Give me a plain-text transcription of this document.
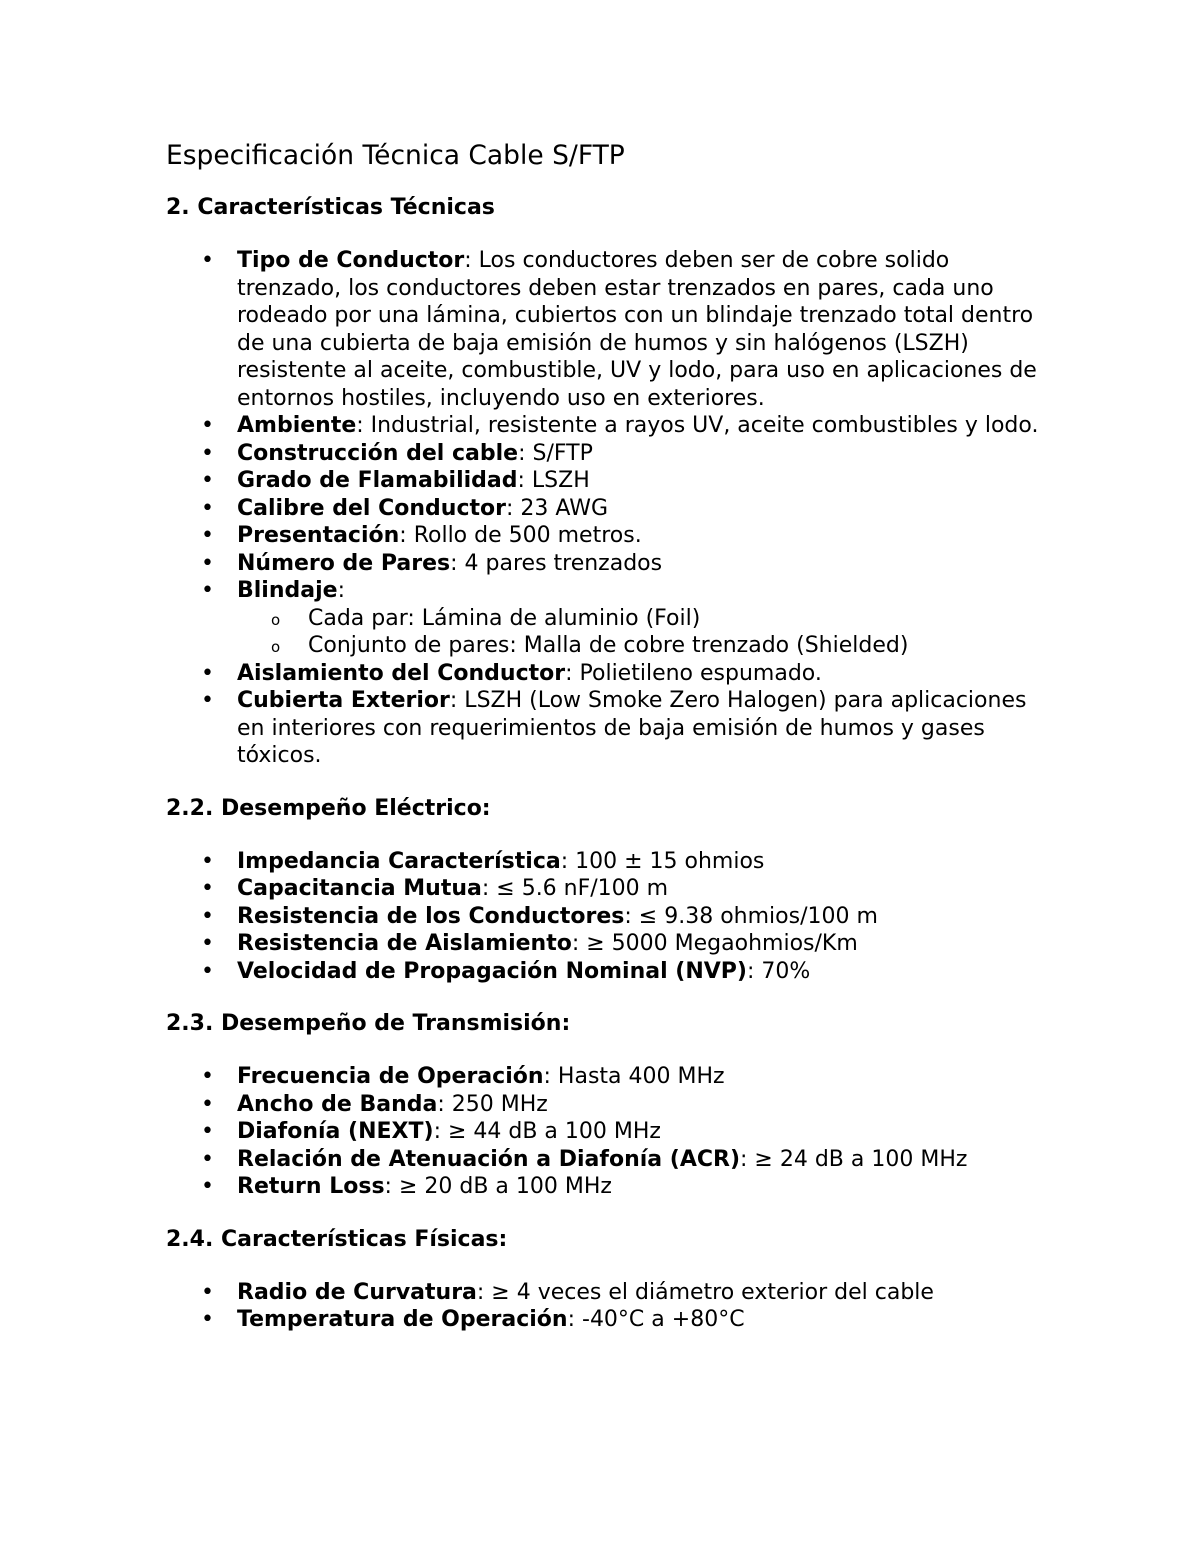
Especificación Técnica Cable S/FTP
2. Características Técnicas
• Tipo de Conductor: Los conductores deben ser de cobre solido trenzado, los conductores deben estar trenzados en pares, cada uno rodeado por una lámina, cubiertos con un blindaje trenzado total dentro de una cubierta de baja emisión de humos y sin halógenos (LSZH) resistente al aceite, combustible, UV y lodo, para uso en aplicaciones de entornos hostiles, incluyendo uso en exteriores.
• Ambiente: Industrial, resistente a rayos UV, aceite combustibles y lodo.
• Construcción del cable: S/FTP
• Grado de Flamabilidad: LSZH
• Calibre del Conductor: 23 AWG
• Presentación: Rollo de 500 metros.
• Número de Pares: 4 pares trenzados
• Blindaje:
o Cada par: Lámina de aluminio (Foil)
o Conjunto de pares: Malla de cobre trenzado (Shielded)
• Aislamiento del Conductor: Polietileno espumado.
• Cubierta Exterior: LSZH (Low Smoke Zero Halogen) para aplicaciones en interiores con requerimientos de baja emisión de humos y gases tóxicos.
2.2. Desempeño Eléctrico:
• Impedancia Característica: 100 ± 15 ohmios
• Capacitancia Mutua: ≤ 5.6 nF/100 m
• Resistencia de los Conductores: ≤ 9.38 ohmios/100 m
• Resistencia de Aislamiento: ≥ 5000 Megaohmios/Km
• Velocidad de Propagación Nominal (NVP): 70%
2.3. Desempeño de Transmisión:
• Frecuencia de Operación: Hasta 400 MHz
• Ancho de Banda: 250 MHz
• Diafonía (NEXT): ≥ 44 dB a 100 MHz
• Relación de Atenuación a Diafonía (ACR): ≥ 24 dB a 100 MHz
• Return Loss: ≥ 20 dB a 100 MHz
2.4. Características Físicas:
• Radio de Curvatura: ≥ 4 veces el diámetro exterior del cable
• Temperatura de Operación: -40°C a +80°C
